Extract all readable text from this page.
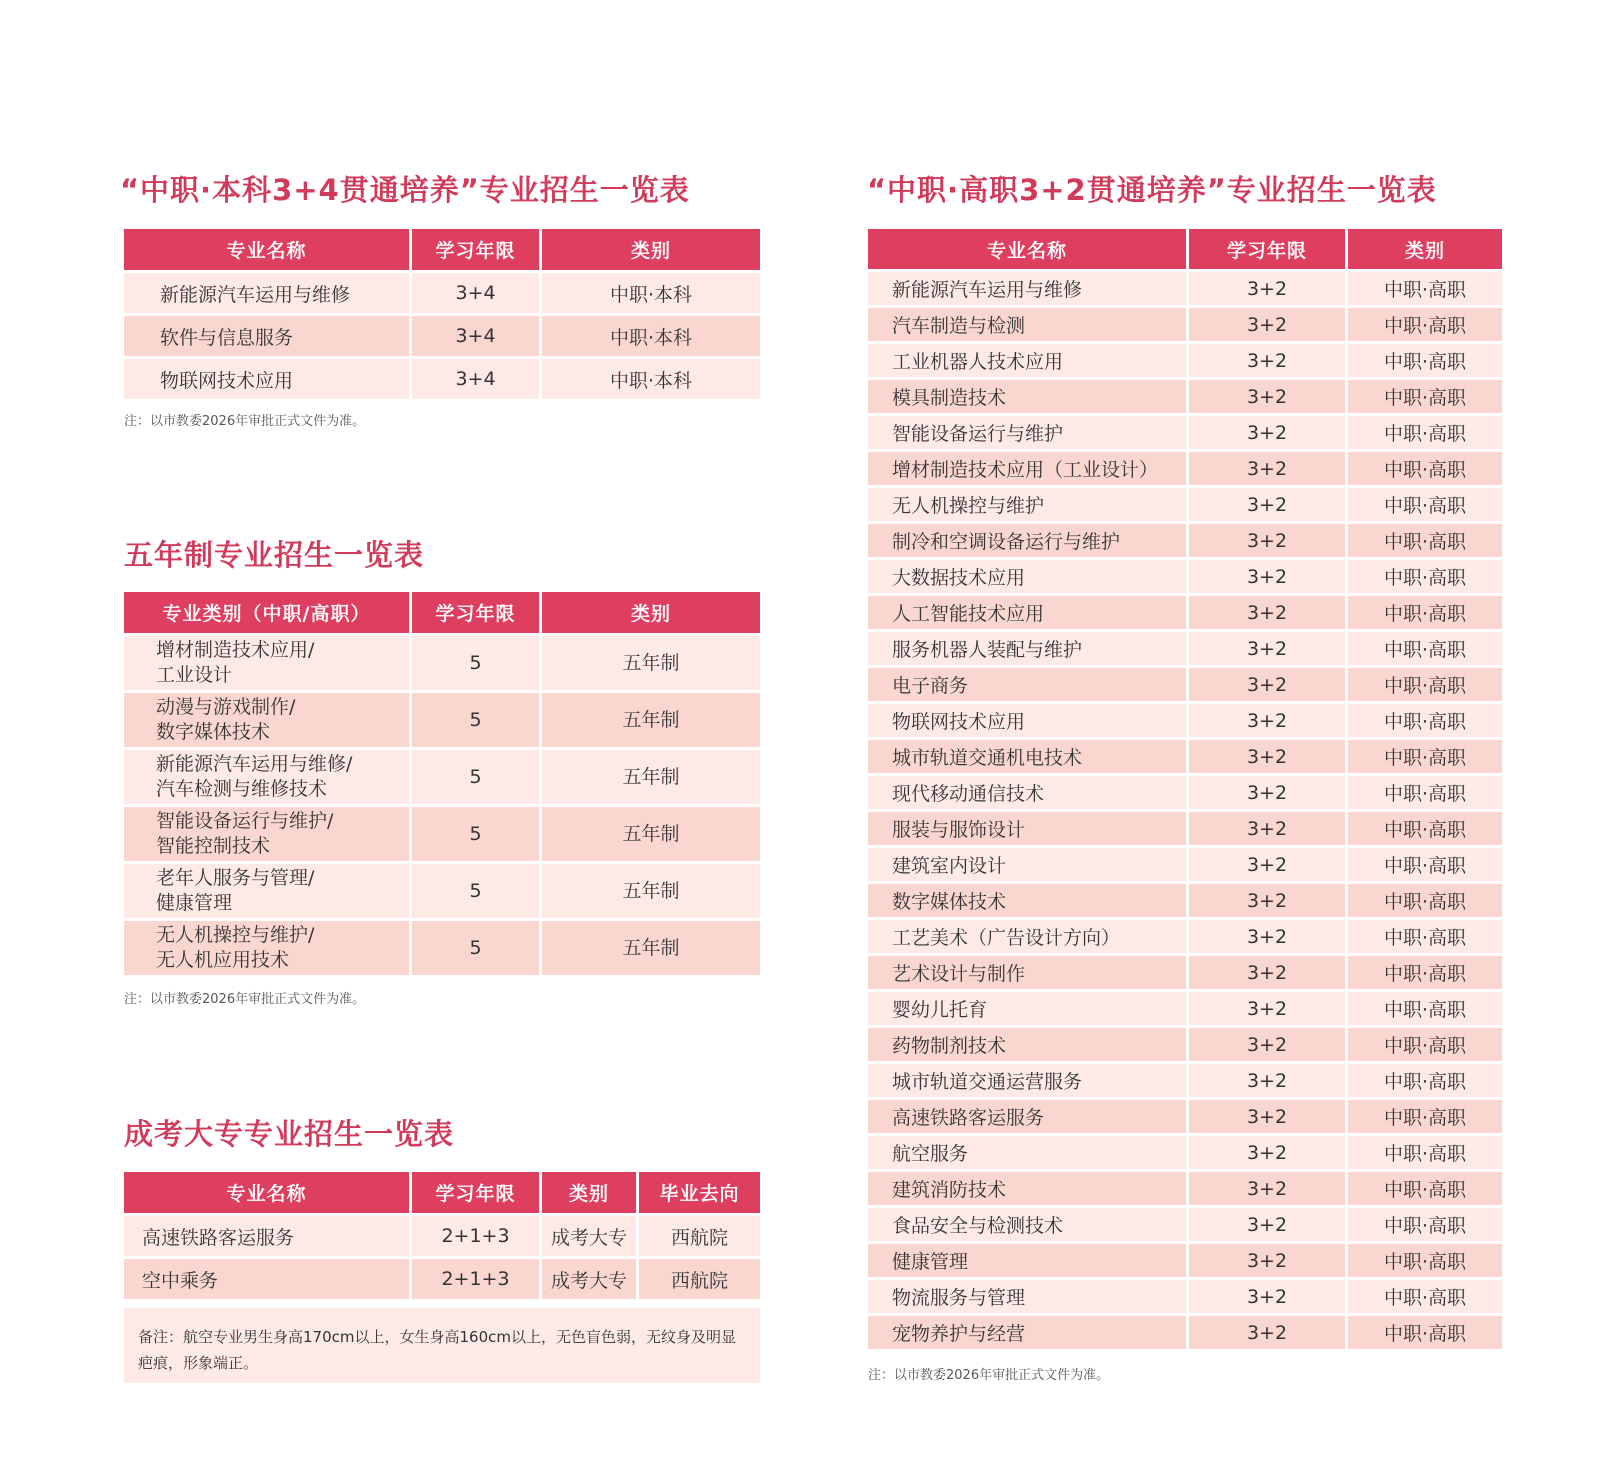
“中职·本科3+4贯通培养”专业招生一览表
专业名称	学习年限	类别
新能源汽车运用与维修	3+4	中职·本科
软件与信息服务	3+4	中职·本科
物联网技术应用	3+4	中职·本科

注：以市教委2026年审批正式文件为准。

五年制专业招生一览表
专业类别（中职/高职）	学习年限	类别
增材制造技术应用/
工业设计	5	五年制
动漫与游戏制作/
数字媒体技术	5	五年制
新能源汽车运用与维修/
汽车检测与维修技术	5	五年制
智能设备运行与维护/
智能控制技术	5	五年制
老年人服务与管理/
健康管理	5	五年制
无人机操控与维护/
无人机应用技术	5	五年制

注：以市教委2026年审批正式文件为准。

成考大专专业招生一览表
专业名称	学习年限	类别	毕业去向
高速铁路客运服务	2+1+3	成考大专	西航院
空中乘务	2+1+3	成考大专	西航院
备注：航空专业男生身高170cm以上，女生身高160cm以上，无色盲色弱，无纹身及明显疤痕，形象端正。
“中职·高职3+2贯通培养”专业招生一览表
专业名称	学习年限	类别
新能源汽车运用与维修	3+2	中职·高职
汽车制造与检测	3+2	中职·高职
工业机器人技术应用	3+2	中职·高职
模具制造技术	3+2	中职·高职
智能设备运行与维护	3+2	中职·高职
增材制造技术应用（工业设计）	3+2	中职·高职
无人机操控与维护	3+2	中职·高职
制冷和空调设备运行与维护	3+2	中职·高职
大数据技术应用	3+2	中职·高职
人工智能技术应用	3+2	中职·高职
服务机器人装配与维护	3+2	中职·高职
电子商务	3+2	中职·高职
物联网技术应用	3+2	中职·高职
城市轨道交通机电技术	3+2	中职·高职
现代移动通信技术	3+2	中职·高职
服装与服饰设计	3+2	中职·高职
建筑室内设计	3+2	中职·高职
数字媒体技术	3+2	中职·高职
工艺美术（广告设计方向）	3+2	中职·高职
艺术设计与制作	3+2	中职·高职
婴幼儿托育	3+2	中职·高职
药物制剂技术	3+2	中职·高职
城市轨道交通运营服务	3+2	中职·高职
高速铁路客运服务	3+2	中职·高职
航空服务	3+2	中职·高职
建筑消防技术	3+2	中职·高职
食品安全与检测技术	3+2	中职·高职
健康管理	3+2	中职·高职
物流服务与管理	3+2	中职·高职
宠物养护与经营	3+2	中职·高职

注：以市教委2026年审批正式文件为准。
